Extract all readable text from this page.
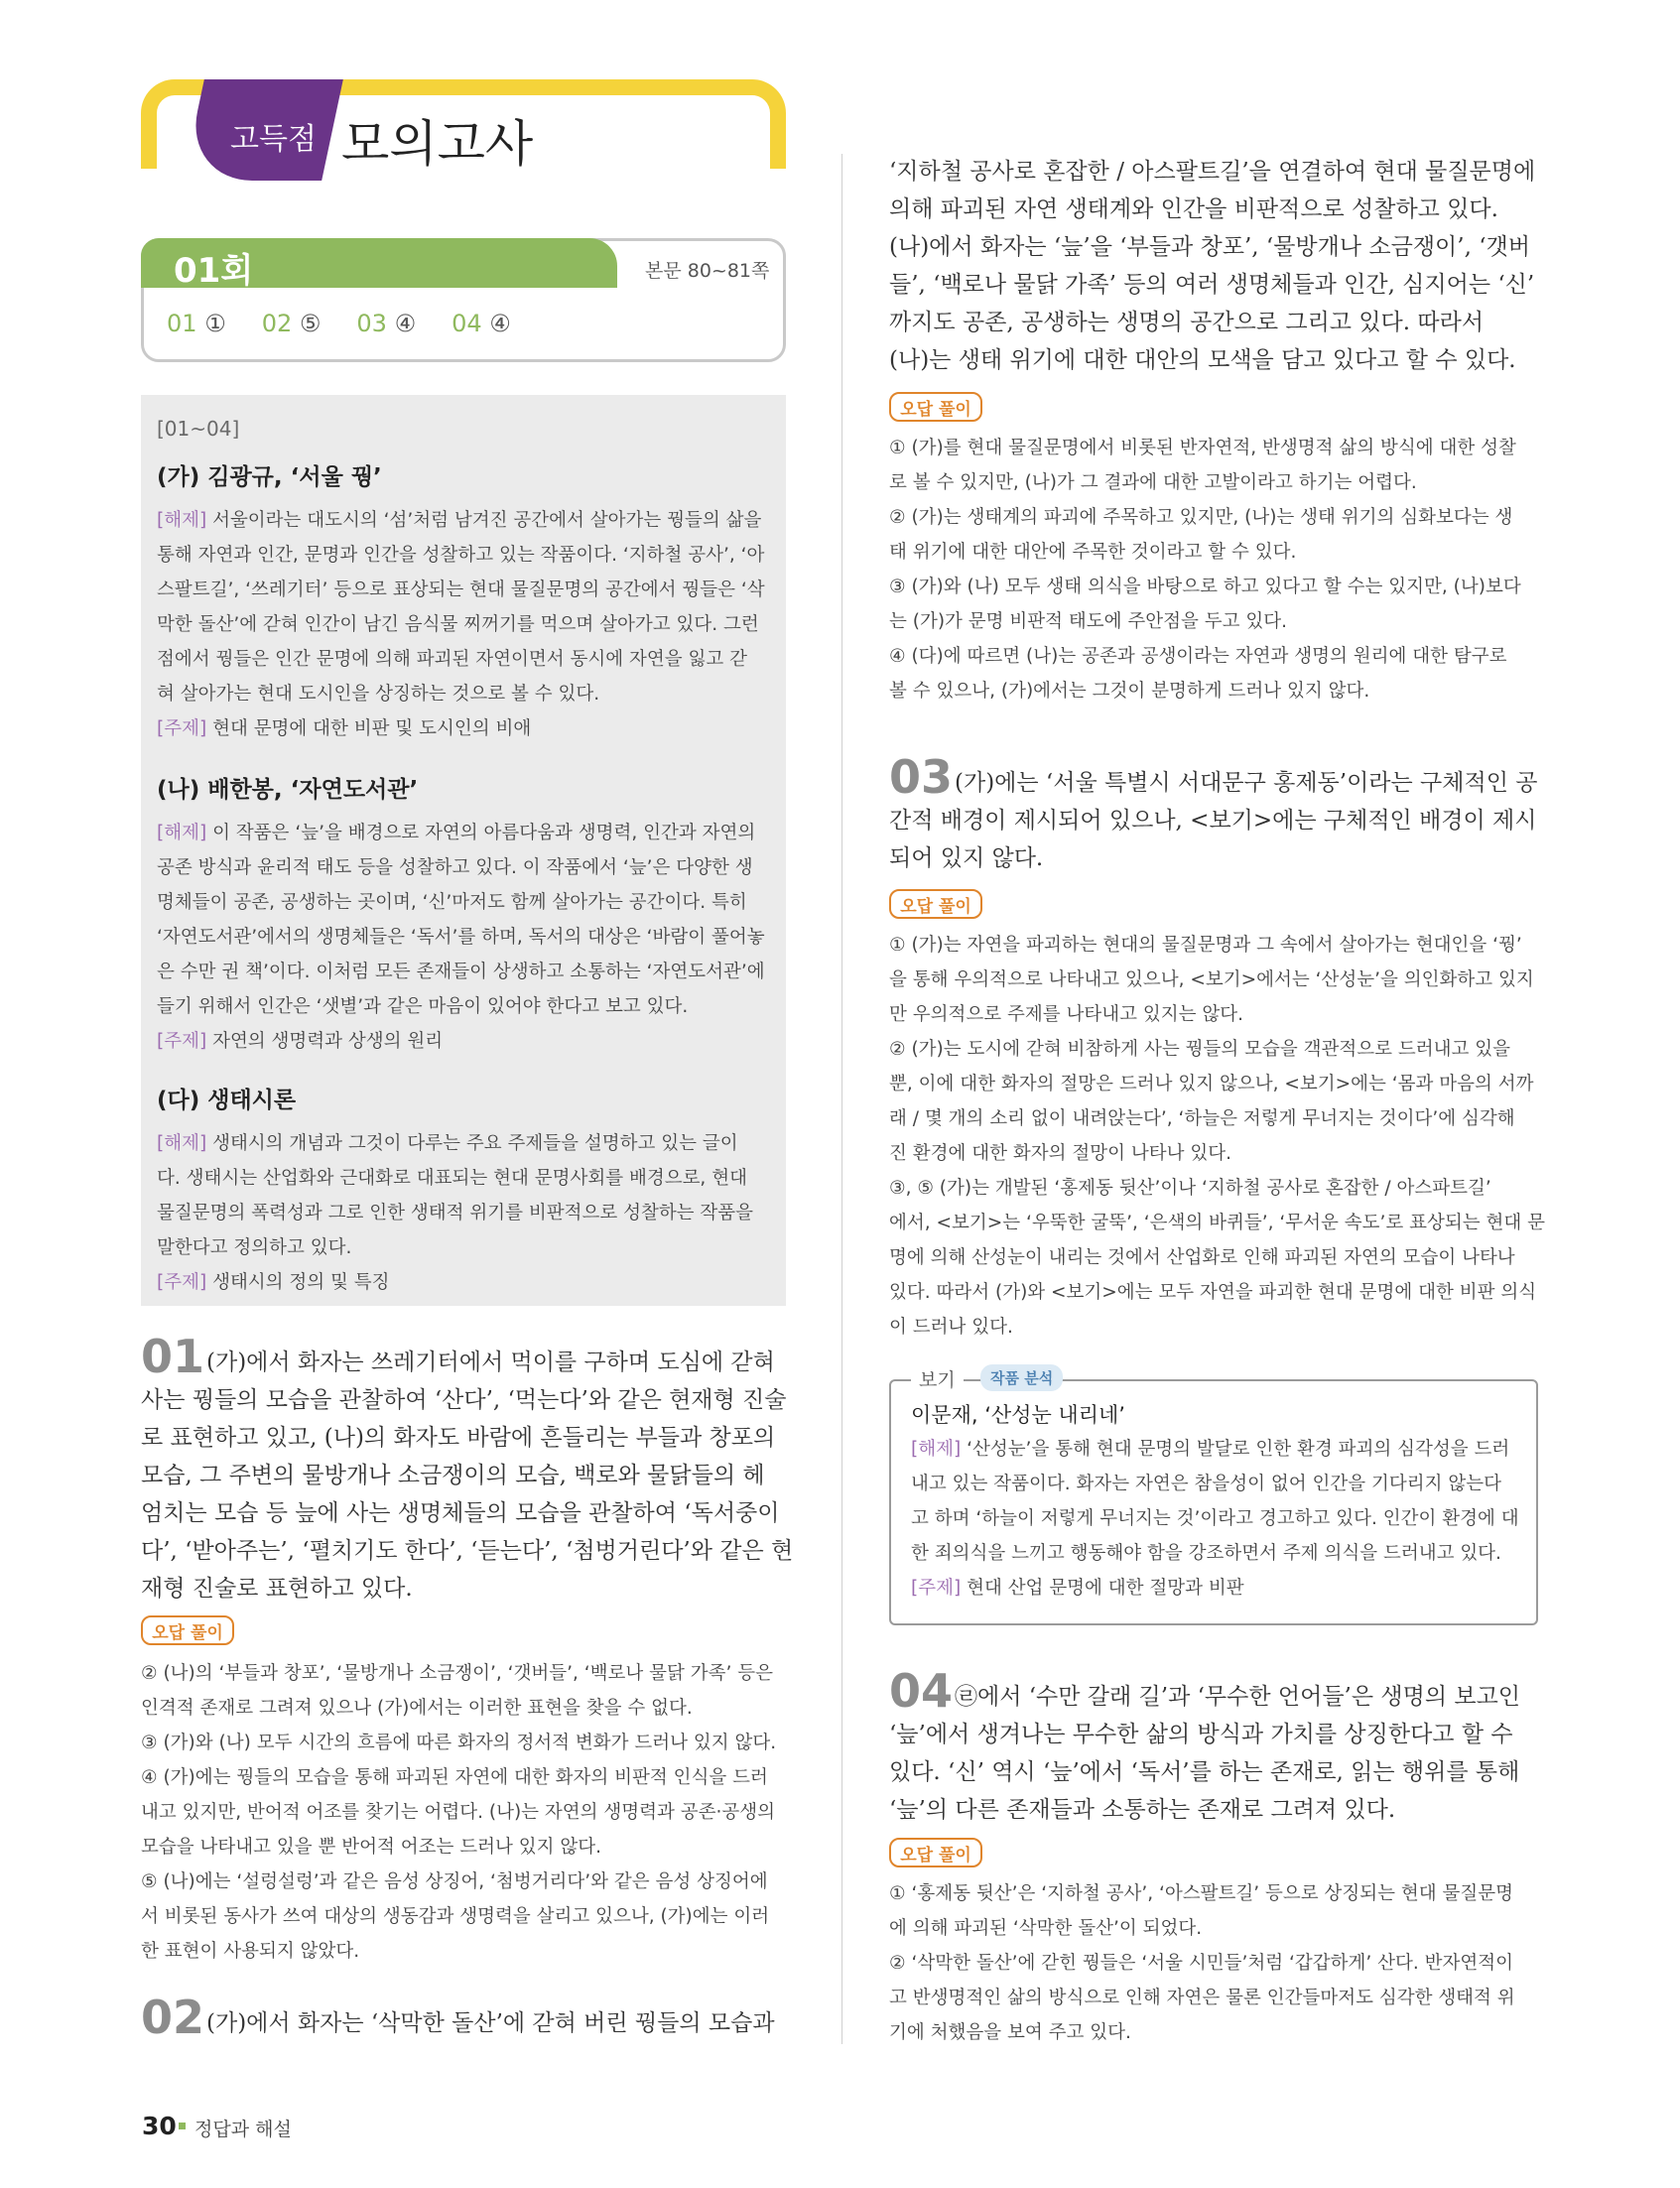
고득점 모의고사
01회	본문 80~81쪽
01 ① 02 ⑤ 03 ④ 04 ④
[01~04]
(가) 김광규, ‘서울 꿩’
[해제] 서울이라는 대도시의 ‘섬’처럼 남겨진 공간에서 살아가는 꿩들의 삶을
통해 자연과 인간, 문명과 인간을 성찰하고 있는 작품이다. ‘지하철 공사’, ‘아
스팔트길’, ‘쓰레기터’ 등으로 표상되는 현대 물질문명의 공간에서 꿩들은 ‘삭
막한 돌산’에 갇혀 인간이 남긴 음식물 찌꺼기를 먹으며 살아가고 있다. 그런
점에서 꿩들은 인간 문명에 의해 파괴된 자연이면서 동시에 자연을 잃고 갇
혀 살아가는 현대 도시인을 상징하는 것으로 볼 수 있다.
[주제] 현대 문명에 대한 비판 및 도시인의 비애
(나) 배한봉, ‘자연도서관’
[해제] 이 작품은 ‘늪’을 배경으로 자연의 아름다움과 생명력, 인간과 자연의
공존 방식과 윤리적 태도 등을 성찰하고 있다. 이 작품에서 ‘늪’은 다양한 생
명체들이 공존, 공생하는 곳이며, ‘신’마저도 함께 살아가는 공간이다. 특히
‘자연도서관’에서의 생명체들은 ‘독서’를 하며, 독서의 대상은 ‘바람이 풀어놓
은 수만 권 책’이다. 이처럼 모든 존재들이 상생하고 소통하는 ‘자연도서관’에
들기 위해서 인간은 ‘샛별’과 같은 마음이 있어야 한다고 보고 있다.
[주제] 자연의 생명력과 상생의 원리
(다) 생태시론
[해제] 생태시의 개념과 그것이 다루는 주요 주제들을 설명하고 있는 글이
다. 생태시는 산업화와 근대화로 대표되는 현대 문명사회를 배경으로, 현대
물질문명의 폭력성과 그로 인한 생태적 위기를 비판적으로 성찰하는 작품을
말한다고 정의하고 있다.
[주제] 생태시의 정의 및 특징
01 (가)에서 화자는 쓰레기터에서 먹이를 구하며 도심에 갇혀
사는 꿩들의 모습을 관찰하여 ‘산다’, ‘먹는다’와 같은 현재형 진술
로 표현하고 있고, (나)의 화자도 바람에 흔들리는 부들과 창포의
모습, 그 주변의 물방개나 소금쟁이의 모습, 백로와 물닭들의 헤
엄치는 모습 등 늪에 사는 생명체들의 모습을 관찰하여 ‘독서중이
다’, ‘받아주는’, ‘펼치기도 한다’, ‘듣는다’, ‘첨벙거린다’와 같은 현
재형 진술로 표현하고 있다.
오답 풀이
② (나)의 ‘부들과 창포’, ‘물방개나 소금쟁이’, ‘갯버들’, ‘백로나 물닭 가족’ 등은
인격적 존재로 그려져 있으나 (가)에서는 이러한 표현을 찾을 수 없다.
③ (가)와 (나) 모두 시간의 흐름에 따른 화자의 정서적 변화가 드러나 있지 않다.
④ (가)에는 꿩들의 모습을 통해 파괴된 자연에 대한 화자의 비판적 인식을 드러
내고 있지만, 반어적 어조를 찾기는 어렵다. (나)는 자연의 생명력과 공존·공생의
모습을 나타내고 있을 뿐 반어적 어조는 드러나 있지 않다.
⑤ (나)에는 ‘설렁설렁’과 같은 음성 상징어, ‘첨벙거리다’와 같은 음성 상징어에
서 비롯된 동사가 쓰여 대상의 생동감과 생명력을 살리고 있으나, (가)에는 이러
한 표현이 사용되지 않았다.
02 (가)에서 화자는 ‘삭막한 돌산’에 갇혀 버린 꿩들의 모습과
‘지하철 공사로 혼잡한 / 아스팔트길’을 연결하여 현대 물질문명에
의해 파괴된 자연 생태계와 인간을 비판적으로 성찰하고 있다.
(나)에서 화자는 ‘늪’을 ‘부들과 창포’, ‘물방개나 소금쟁이’, ‘갯버
들’, ‘백로나 물닭 가족’ 등의 여러 생명체들과 인간, 심지어는 ‘신’
까지도 공존, 공생하는 생명의 공간으로 그리고 있다. 따라서
(나)는 생태 위기에 대한 대안의 모색을 담고 있다고 할 수 있다.
오답 풀이
① (가)를 현대 물질문명에서 비롯된 반자연적, 반생명적 삶의 방식에 대한 성찰
로 볼 수 있지만, (나)가 그 결과에 대한 고발이라고 하기는 어렵다.
② (가)는 생태계의 파괴에 주목하고 있지만, (나)는 생태 위기의 심화보다는 생
태 위기에 대한 대안에 주목한 것이라고 할 수 있다.
③ (가)와 (나) 모두 생태 의식을 바탕으로 하고 있다고 할 수는 있지만, (나)보다
는 (가)가 문명 비판적 태도에 주안점을 두고 있다.
④ (다)에 따르면 (나)는 공존과 공생이라는 자연과 생명의 원리에 대한 탐구로
볼 수 있으나, (가)에서는 그것이 분명하게 드러나 있지 않다.
03 (가)에는 ‘서울 특별시 서대문구 홍제동’이라는 구체적인 공
간적 배경이 제시되어 있으나, <보기>에는 구체적인 배경이 제시
되어 있지 않다.
오답 풀이
① (가)는 자연을 파괴하는 현대의 물질문명과 그 속에서 살아가는 현대인을 ‘꿩’
을 통해 우의적으로 나타내고 있으나, <보기>에서는 ‘산성눈’을 의인화하고 있지
만 우의적으로 주제를 나타내고 있지는 않다.
② (가)는 도시에 갇혀 비참하게 사는 꿩들의 모습을 객관적으로 드러내고 있을
뿐, 이에 대한 화자의 절망은 드러나 있지 않으나, <보기>에는 ‘몸과 마음의 서까
래 / 몇 개의 소리 없이 내려앉는다’, ‘하늘은 저렇게 무너지는 것이다’에 심각해
진 환경에 대한 화자의 절망이 나타나 있다.
③, ⑤ (가)는 개발된 ‘홍제동 뒷산’이나 ‘지하철 공사로 혼잡한 / 아스파트길’
에서, <보기>는 ‘우뚝한 굴뚝’, ‘은색의 바퀴들’, ‘무서운 속도’로 표상되는 현대 문
명에 의해 산성눈이 내리는 것에서 산업화로 인해 파괴된 자연의 모습이 나타나
있다. 따라서 (가)와 <보기>에는 모두 자연을 파괴한 현대 문명에 대한 비판 의식
이 드러나 있다.
보기	작품 분석
이문재, ‘산성눈 내리네’
[해제] ‘산성눈’을 통해 현대 문명의 발달로 인한 환경 파괴의 심각성을 드러
내고 있는 작품이다. 화자는 자연은 참을성이 없어 인간을 기다리지 않는다
고 하며 ‘하늘이 저렇게 무너지는 것’이라고 경고하고 있다. 인간이 환경에 대
한 죄의식을 느끼고 행동해야 함을 강조하면서 주제 의식을 드러내고 있다.
[주제] 현대 산업 문명에 대한 절망과 비판
04 ㉣에서 ‘수만 갈래 길’과 ‘무수한 언어들’은 생명의 보고인
‘늪’에서 생겨나는 무수한 삶의 방식과 가치를 상징한다고 할 수
있다. ‘신’ 역시 ‘늪’에서 ‘독서’를 하는 존재로, 읽는 행위를 통해
‘늪’의 다른 존재들과 소통하는 존재로 그려져 있다.
오답 풀이
① ‘홍제동 뒷산’은 ‘지하철 공사’, ‘아스팔트길’ 등으로 상징되는 현대 물질문명
에 의해 파괴된 ‘삭막한 돌산’이 되었다.
② ‘삭막한 돌산’에 갇힌 꿩들은 ‘서울 시민들’처럼 ‘갑갑하게’ 산다. 반자연적이
고 반생명적인 삶의 방식으로 인해 자연은 물론 인간들마저도 심각한 생태적 위
기에 처했음을 보여 주고 있다.
30 정답과 해설
